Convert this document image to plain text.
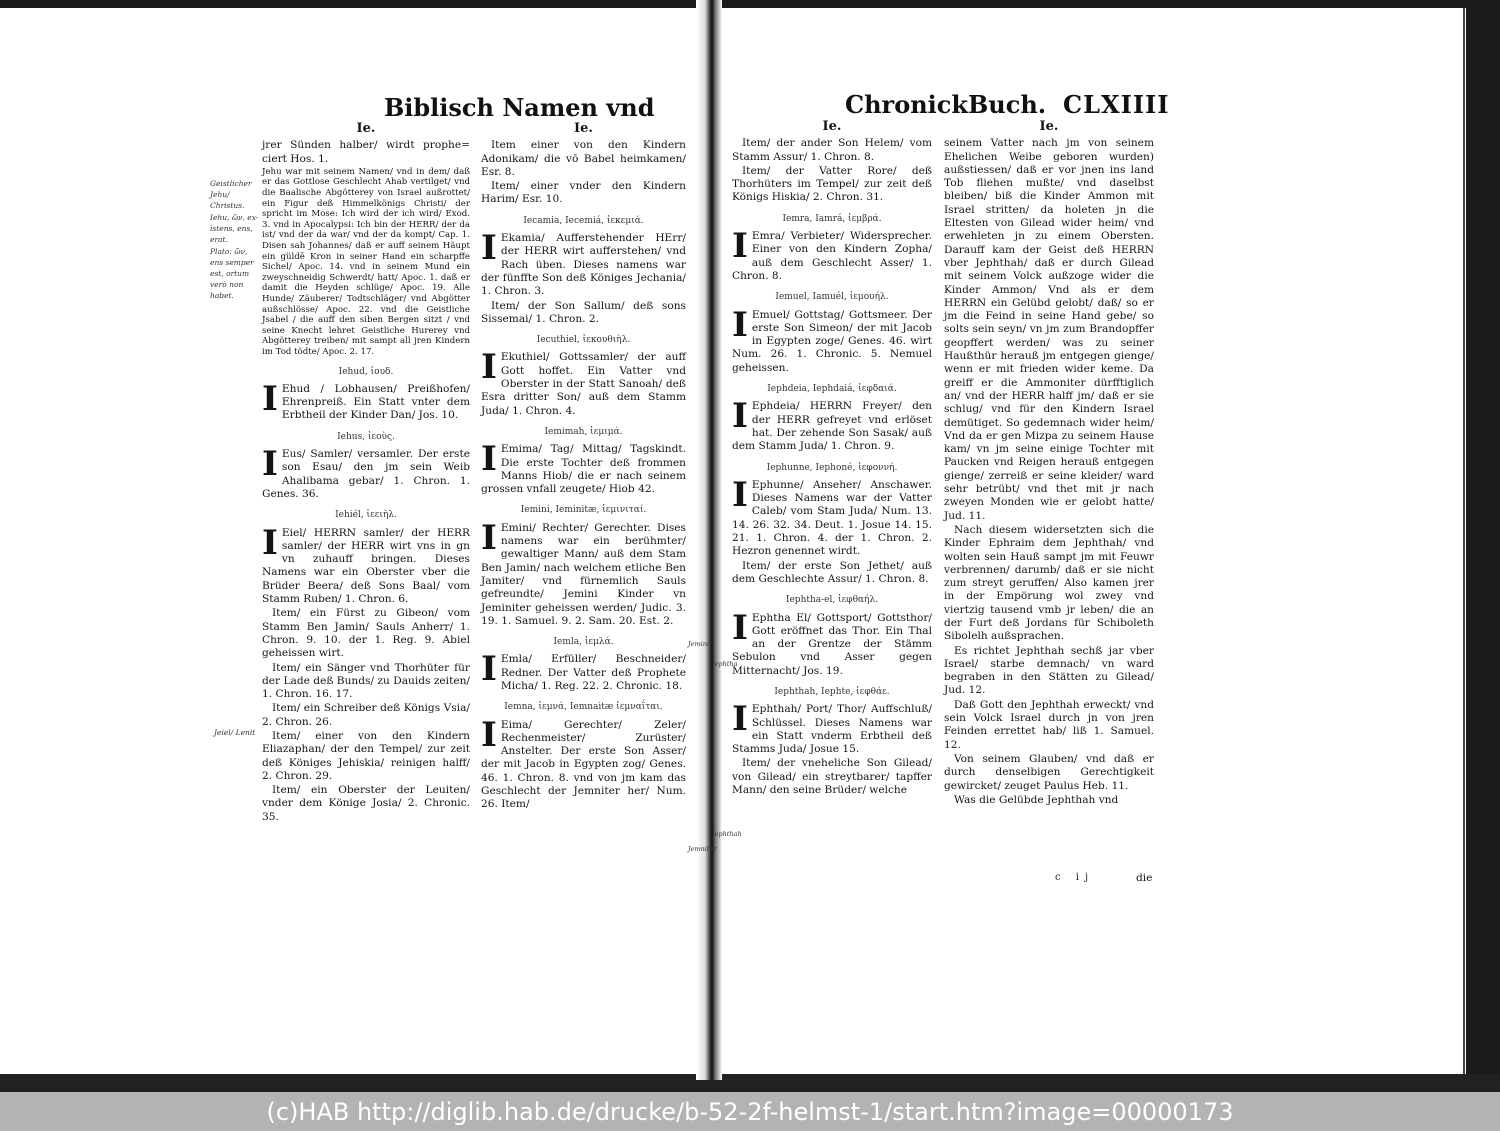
Biblisch Namen vnd	ChronickBuch. CLXIIII
Geistlicher Jehu/ Christus.
Iehu, ὤν, ex-istens, ens, erat.
Plato: ὤν, ens semper est, ortum verò non habet.
Jeiel/ Lenit
Jemini
Jemniter
Jephtha
Jephthah
Ie.

jrer Sünden halber/ wirdt prophe= ciert Hos. 1.

Jehu war mit seinem Namen/ vnd in dem/ daß er das Gottlose Geschlecht Ahab vertilget/ vnd die Baalische Abgötterey von Israel außrottet/ ein Figur deß Himmelkönigs Christi/ der spricht im Mose: Ich wird der ich wird/ Exod. 3. vnd in Apocalypsi: Ich bin der HERR/ der da ist/ vnd der da war/ vnd der da kompt/ Cap. 1. Disen sah Johannes/ daß er auff seinem Häupt ein güldē Kron in seiner Hand ein scharpffe Sichel/ Apoc. 14. vnd in seinem Mund ein zweyschneidig Schwerdt/ hatt/ Apoc. 1. daß er damit die Heyden schlüge/ Apoc. 19. Alle Hunde/ Zäuberer/ Todtschläger/ vnd Abgötter außschlösse/ Apoc. 22. vnd die Geistliche Jsabel / die auff den siben Bergen sitzt / vnd seine Knecht lehret Geistliche Hurerey vnd Abgötterey treiben/ mit sampt all jren Kindern im Tod tödte/ Apoc. 2. 17.

Iehud, ἰουδ.

I Ehud / Lobhausen/ Preißhofen/ Ehrenpreiß. Ein Statt vnter dem Erbtheil der Kinder Dan/ Jos. 10.

Iehus, ἰεοὺς.

I Eus/ Samler/ versamler. Der erste son Esau/ den jm sein Weib Ahalibama gebar/ 1. Chron. 1. Genes. 36.

Iehiél, ἰεειὴλ.

I Eiel/ HERRN samler/ der HERR samler/ der HERR wirt vns in gn vn zuhauff bringen. Dieses Namens war ein Oberster vber die Brüder Beera/ deß Sons Baal/ vom Stamm Ruben/ 1. Chron. 6.

Item/ ein Fürst zu Gibeon/ vom Stamm Ben Jamin/ Sauls Anherr/ 1. Chron. 9. 10. der 1. Reg. 9. Abiel geheissen wirt.

Item/ ein Sänger vnd Thorhüter für der Lade deß Bunds/ zu Dauids zeiten/ 1. Chron. 16. 17.

Item/ ein Schreiber deß Königs Vsia/ 2. Chron. 26.

Item/ einer von den Kindern Eliazaphan/ der den Tempel/ zur zeit deß Königes Jehiskia/ reinigen halff/ 2. Chron. 29.

Item/ ein Oberster der Leuiten/ vnder dem Könige Josia/ 2. Chronic. 35.

Ie.

Item einer von den Kindern Adonikam/ die vō Babel heimkamen/ Esr. 8.

Item/ einer vnder den Kindern Harim/ Esr. 10.

Iecamia, Iecemiá, ἰεκεμιά.

I Ekamia/ Aufferstehender HErr/ der HERR wirt aufferstehen/ vnd Rach üben. Dieses namens war der fünffte Son deß Königes Jechania/ 1. Chron. 3.

Item/ der Son Sallum/ deß sons Sissemai/ 1. Chron. 2.

Iecuthiel, ἰεκουθιὴλ.

I Ekuthiel/ Gottssamler/ der auff Gott hoffet. Ein Vatter vnd Oberster in der Statt Sanoah/ deß Esra dritter Son/ auß dem Stamm Juda/ 1. Chron. 4.

Iemimah, ἰεμιμά.

I Emima/ Tag/ Mittag/ Tagskindt. Die erste Tochter deß frommen Manns Hiob/ die er nach seinem grossen vnfall zeugete/ Hiob 42.

Iemini, Ieminitæ, ἰεμινιταί.

I Emini/ Rechter/ Gerechter. Dises namens war ein berühmter/ gewaltiger Mann/ auß dem Stam Ben Jamin/ nach welchem etliche Ben Jamiter/ vnd fürnemlich Sauls gefreundte/ Jemini Kinder vn Jeminiter geheissen werden/ Judic. 3. 19. 1. Samuel. 9. 2. Sam. 20. Est. 2.

Iemla, ἰεμλά.

I Emla/ Erfüller/ Beschneider/ Redner. Der Vatter deß Prophete Micha/ 1. Reg. 22. 2. Chronic. 18.

Iemna, ἰεμνά, Iemnaitæ ἰεμναΐται.

I Eima/ Gerechter/ Zeler/ Rechenmeister/ Zurüster/ Anstelter. Der erste Son Asser/ der mit Jacob in Egypten zog/ Genes. 46. 1. Chron. 8. vnd von jm kam das Geschlecht der Jemniter her/ Num. 26. Item/

Ie.

Item/ der ander Son Helem/ vom Stamm Assur/ 1. Chron. 8.

Item/ der Vatter Rore/ deß Thorhüters im Tempel/ zur zeit deß Königs Hiskia/ 2. Chron. 31.

Iemra, Iamrá, ἰεμβρά.

I Emra/ Verbieter/ Widersprecher. Einer von den Kindern Zopha/ auß dem Geschlecht Asser/ 1. Chron. 8.

Iemuel, Iamuél, ἰεμουήλ.

I Emuel/ Gottstag/ Gottsmeer. Der erste Son Simeon/ der mit Jacob in Egypten zoge/ Genes. 46. wirt Num. 26. 1. Chronic. 5. Nemuel geheissen.

Iephdeia, Iephdaiá, ἰεφδαιά.

I Ephdeia/ HERRN Freyer/ den der HERR gefreyet vnd erlöset hat. Der zehende Son Sasak/ auß dem Stamm Juda/ 1. Chron. 9.

Iephunne, Iephoné, ἰεφοννή.

I Ephunne/ Anseher/ Anschawer. Dieses Namens war der Vatter Caleb/ vom Stam Juda/ Num. 13. 14. 26. 32. 34. Deut. 1. Josue 14. 15. 21. 1. Chron. 4. der 1. Chron. 2. Hezron genennet wirdt.

Item/ der erste Son Jethet/ auß dem Geschlechte Assur/ 1. Chron. 8.

Iephtha-el, ἰεφθαήλ.

I Ephtha El/ Gottsport/ Gottsthor/ Gott eröffnet das Thor. Ein Thal an der Grentze der Stämm Sebulon vnd Asser gegen Mitternacht/ Jos. 19.

Iephthah, Iephte, ἰεφθάε.

I Ephthah/ Port/ Thor/ Auffschluß/ Schlüssel. Dieses Namens war ein Statt vnderm Erbtheil deß Stamms Juda/ Josue 15.

Item/ der vneheliche Son Gilead/ von Gilead/ ein streytbarer/ tapffer Mann/ den seine Brüder/ welche

Ie.

seinem Vatter nach jm von seinem Ehelichen Weibe geboren wurden) außstiessen/ daß er vor jnen ins land Tob fliehen mußte/ vnd daselbst bleiben/ biß die Kinder Ammon mit Israel stritten/ da holeten jn die Eltesten von Gilead wider heim/ vnd erwehleten jn zu einem Obersten. Darauff kam der Geist deß HERRN vber Jephthah/ daß er durch Gilead mit seinem Volck außzoge wider die Kinder Ammon/ Vnd als er dem HERRN ein Gelübd gelobt/ daß/ so er jm die Feind in seine Hand gebe/ so solts sein seyn/ vn jm zum Brandopffer geopffert werden/ was zu seiner Haußthür herauß jm entgegen gienge/ wenn er mit frieden wider keme. Da greiff er die Ammoniter dürfftiglich an/ vnd der HERR halff jm/ daß er sie schlug/ vnd für den Kindern Israel demütiget. So gedemnach wider heim/ Vnd da er gen Mizpa zu seinem Hause kam/ vn jm seine einige Tochter mit Paucken vnd Reigen herauß entgegen gienge/ zerreiß er seine kleider/ ward sehr betrübt/ vnd thet mit jr nach zweyen Monden wie er gelobt hatte/ Jud. 11.

Nach diesem widersetzten sich die Kinder Ephraim dem Jephthah/ vnd wolten sein Hauß sampt jm mit Feuwr verbrennen/ darumb/ daß er sie nicht zum streyt geruffen/ Also kamen jrer in der Empörung wol zwey vnd viertzig tausend vmb jr leben/ die an der Furt deß Jordans für Schiboleth Sibolelh außsprachen.

Es richtet Jephthah sechß jar vber Israel/ starbe demnach/ vn ward begraben in den Stätten zu Gilead/ Jud. 12.

Daß Gott den Jephthah erweckt/ vnd sein Volck Israel durch jn von jren Feinden errettet hab/ liß 1. Samuel. 12.

Von seinem Glauben/ vnd daß er durch denselbigen Gerechtigkeit gewircket/ zeuget Paulus Heb. 11.

Was die Gelübde Jephthah vnd

c ij	die
(c)HAB http://diglib.hab.de/drucke/b-52-2f-helmst-1/start.htm?image=00000173
